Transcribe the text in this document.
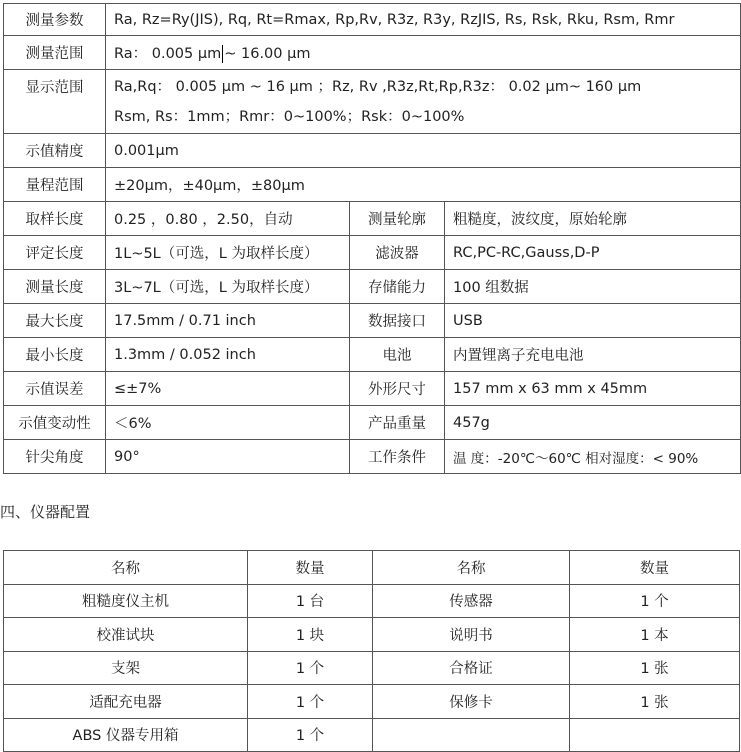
测量参数	Ra, Rz=Ry(JIS), Rq, Rt=Rmax, Rp,Rv, R3z, R3y, RzJIS, Rs, Rsk, Rku, Rsm, Rmr		
测量范围	Ra： 0.005 μm ~ 16.00 μm		
显示范围	Ra,Rq： 0.005 μm ~ 16 μm ；Rz, Rv ,R3z,Rt,Rp,R3z： 0.02 μm~ 160 μm
Rsm, Rs：1mm；Rmr：0~100%；Rsk：0~100%		

示值精度	0.001μm		
量程范围	±20μm，±40μm，±80μm		
取样长度	0.25 ，0.80 ，2.50，自动	测量轮廓	粗糙度，波纹度，原始轮廓
评定长度	1L~5L（可选，L 为取样长度）	滤波器	RC,PC-RC,Gauss,D-P
测量长度	3L~7L（可选，L 为取样长度）	存储能力	100 组数据
最大长度	17.5mm / 0.71 inch	数据接口	USB
最小长度	1.3mm / 0.052 inch	电池	内置锂离子充电电池
示值误差	≤±7%	外形尺寸	157 mm x 63 mm x 45mm
示值变动性	＜6%	产品重量	457g
针尖角度	90°	工作条件	温 度：-20℃～60℃ 相对湿度：< 90%
四、仪器配置
名称	数量	名称	数量
粗糙度仪主机	1 台	传感器	1 个
校准试块	1 块	说明书	1 本
支架	1 个	合格证	1 张
适配充电器	1 个	保修卡	1 张
ABS 仪器专用箱	1 个		
